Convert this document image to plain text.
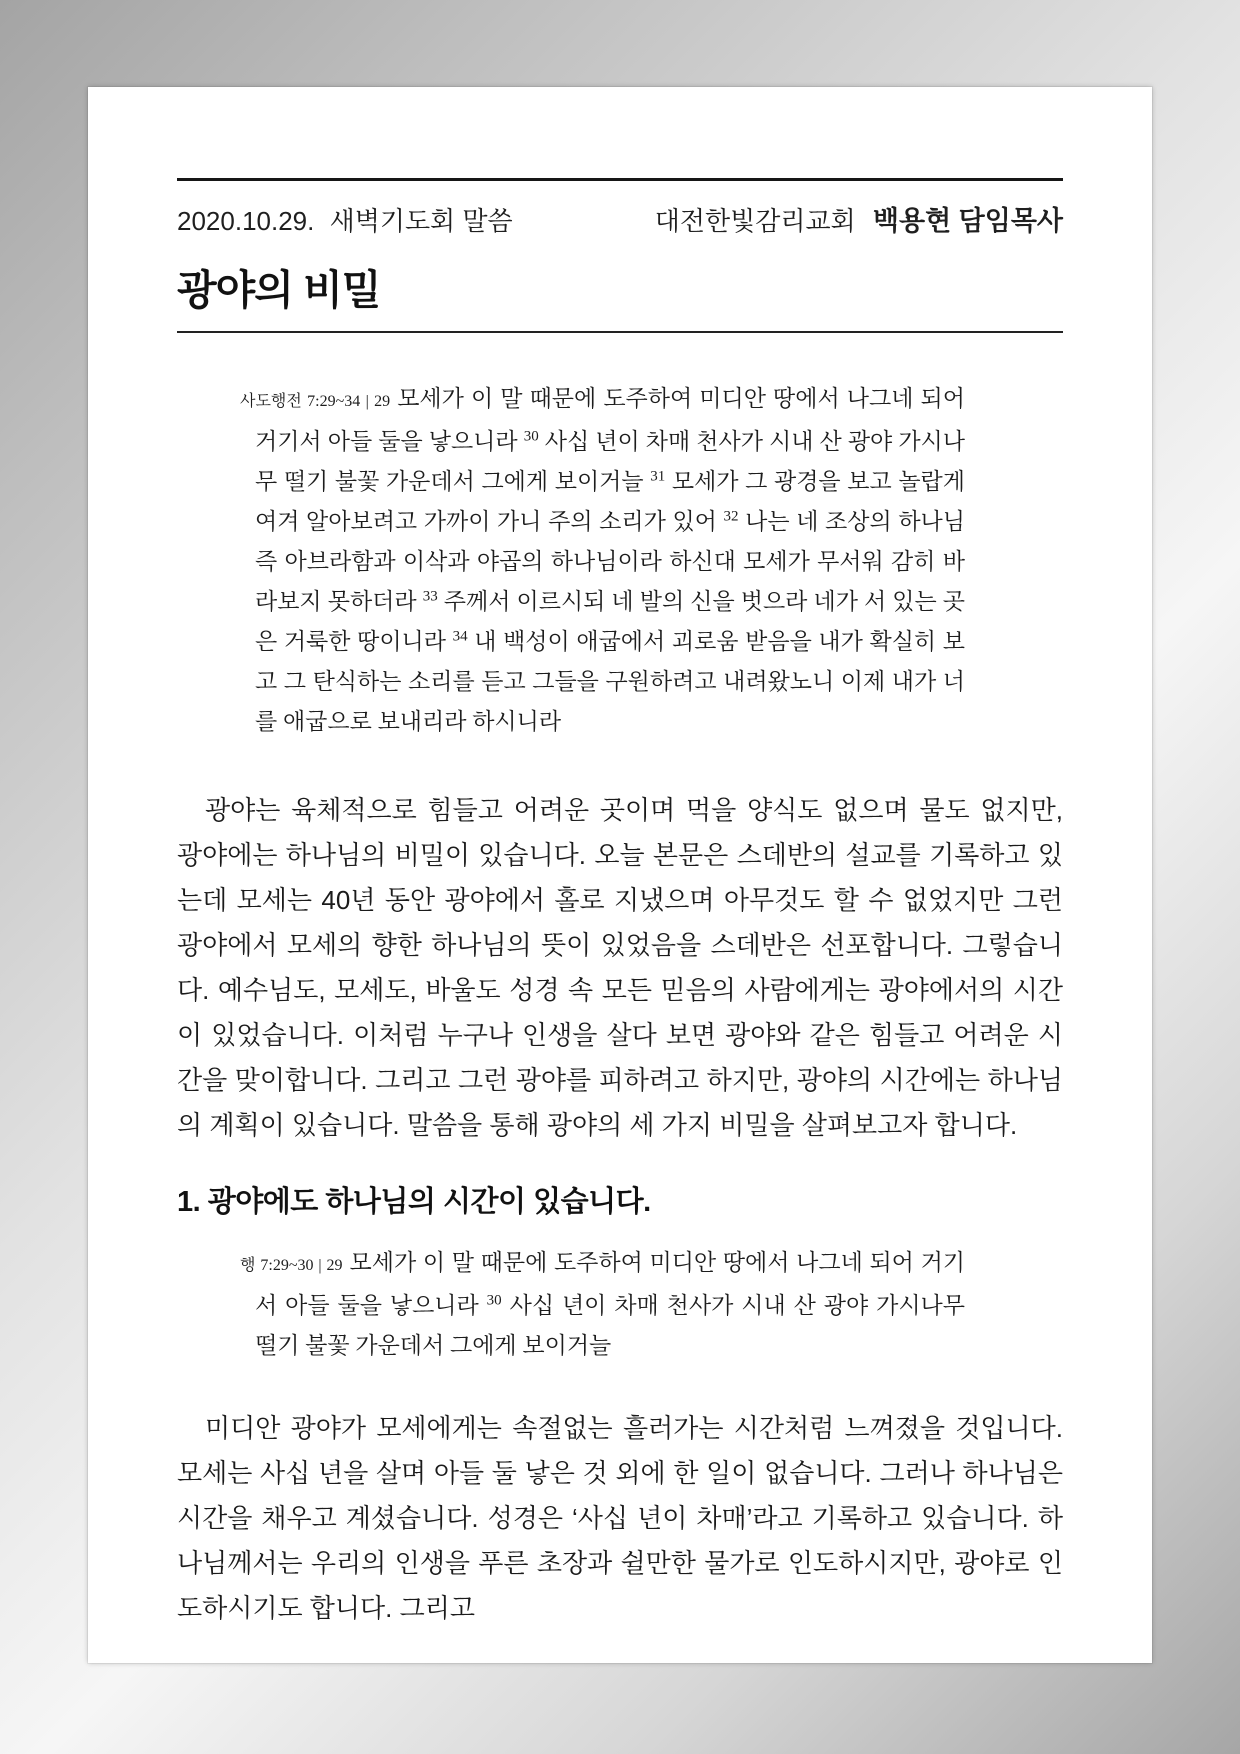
2020.10.29. 새벽기도회 말씀	대전한빛감리교회 백용현 담임목사
광야의 비밀

사도행전 7:29~34 | 29 모세가 이 말 때문에 도주하여 미디안 땅에서 나그네 되어 거기서 아들 둘을 낳으니라 $^{30}$ 사십 년이 차매 천사가 시내 산 광야 가시나무 떨기 불꽃 가운데서 그에게 보이거늘 $^{31}$ 모세가 그 광경을 보고 놀랍게 여겨 알아보려고 가까이 가니 주의 소리가 있어 $^{32}$ 나는 네 조상의 하나님 즉 아브라함과 이삭과 야곱의 하나님이라 하신대 모세가 무서워 감히 바라보지 못하더라 $^{33}$ 주께서 이르시되 네 발의 신을 벗으라 네가 서 있는 곳은 거룩한 땅이니라 $^{34}$ 내 백성이 애굽에서 괴로움 받음을 내가 확실히 보고 그 탄식하는 소리를 듣고 그들을 구원하려고 내려왔노니 이제 내가 너를 애굽으로 보내리라 하시니라

광야는 육체적으로 힘들고 어려운 곳이며 먹을 양식도 없으며 물도 없지만, 광야에는 하나님의 비밀이 있습니다. 오늘 본문은 스데반의 설교를 기록하고 있는데 모세는 40년 동안 광야에서 홀로 지냈으며 아무것도 할 수 없었지만 그런 광야에서 모세의 향한 하나님의 뜻이 있었음을 스데반은 선포합니다. 그렇습니다. 예수님도, 모세도, 바울도 성경 속 모든 믿음의 사람에게는 광야에서의 시간이 있었습니다. 이처럼 누구나 인생을 살다 보면 광야와 같은 힘들고 어려운 시간을 맞이합니다. 그리고 그런 광야를 피하려고 하지만, 광야의 시간에는 하나님의 계획이 있습니다. 말씀을 통해 광야의 세 가지 비밀을 살펴보고자 합니다.

1. 광야에도 하나님의 시간이 있습니다.

행 7:29~30 | 29 모세가 이 말 때문에 도주하여 미디안 땅에서 나그네 되어 거기서 아들 둘을 낳으니라 $^{30}$ 사십 년이 차매 천사가 시내 산 광야 가시나무 떨기 불꽃 가운데서 그에게 보이거늘

미디안 광야가 모세에게는 속절없는 흘러가는 시간처럼 느껴졌을 것입니다. 모세는 사십 년을 살며 아들 둘 낳은 것 외에 한 일이 없습니다. 그러나 하나님은 시간을 채우고 계셨습니다. 성경은 ‘사십 년이 차매’라고 기록하고 있습니다. 하나님께서는 우리의 인생을 푸른 초장과 쉴만한 물가로 인도하시지만, 광야로 인도하시기도 합니다. 그리고
